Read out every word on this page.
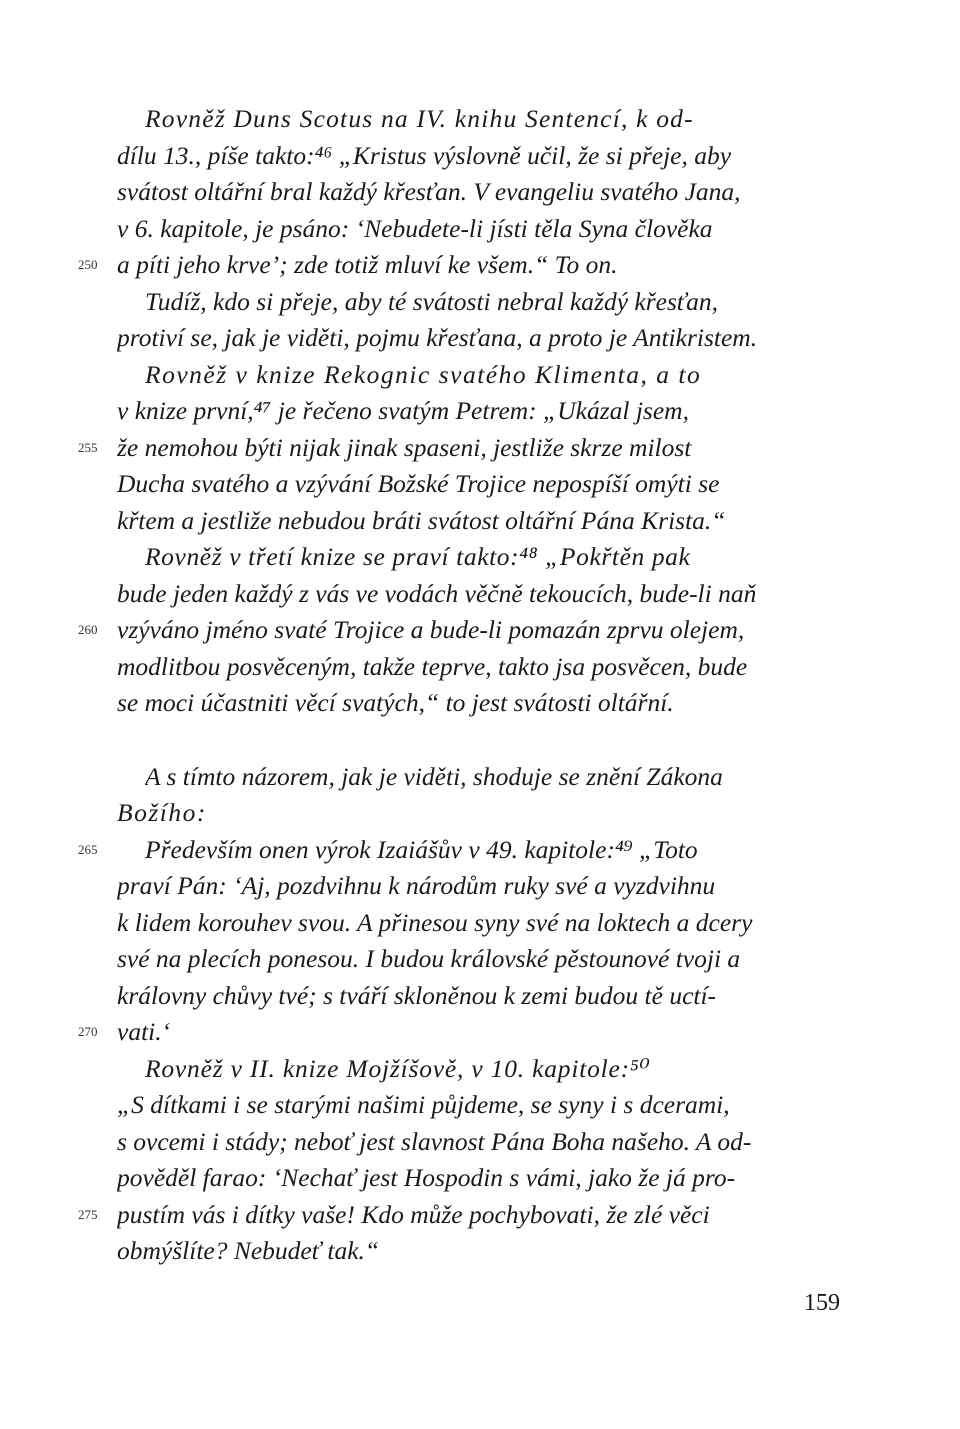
Rovněž Duns Scotus na IV. knihu Sentencí, k od-
dílu 13., píše takto:⁴⁶ „Kristus výslovně učil, že si přeje, aby
svátost oltářní bral každý křesťan. V evangeliu svatého Jana,
v 6. kapitole, je psáno: ‘Nebudete-li jísti těla Syna člověka
250 a píti jeho krve’; zde totiž mluví ke všem.“ To on.
Tudíž, kdo si přeje, aby té svátosti nebral každý křesťan,
protiví se, jak je viděti, pojmu křesťana, a proto je Antikristem.
Rovněž v knize Rekognic svatého Klimenta, a to
v knize první,⁴⁷ je řečeno svatým Petrem: „Ukázal jsem,
255 že nemohou býti nijak jinak spaseni, jestliže skrze milost
Ducha svatého a vzývání Božské Trojice nepospíší omýti se
křtem a jestliže nebudou bráti svátost oltářní Pána Krista.“
Rovněž v třetí knize se praví takto:⁴⁸ „Pokřtěn pak
bude jeden každý z vás ve vodách věčně tekoucích, bude-li naň
260 vzýváno jméno svaté Trojice a bude-li pomazán zprvu olejem,
modlitbou posvěceným, takže teprve, takto jsa posvěcen, bude
se moci účastniti věcí svatých,“ to jest svátosti oltářní.
A s tímto názorem, jak je viděti, shoduje se znění Zákona
Božího:
265	Především onen výrok Izaiášův v 49. kapitole:⁴⁹ „Toto
praví Pán: ‘Aj, pozdvihnu k národům ruky své a vyzdvihnu
k lidem korouhev svou. A přinesou syny své na loktech a dcery
své na plecích ponesou. I budou královské pěstounové tvoji a
královny chůvy tvé; s tváří skloněnou k zemi budou tě uctí-
270 vati.‘
Rovněž v II. knize Mojžíšově, v 10. kapitole:⁵⁰
„S dítkami i se starými našimi půjdeme, se syny i s dcerami,
s ovcemi i stády; neboť jest slavnost Pána Boha našeho. A od-
pověděl farao: ‘Nechať jest Hospodin s vámi, jako že já pro-
275 pustím vás i dítky vaše! Kdo může pochybovati, že zlé věci
obmýšlíte? Nebudeť tak.“
159
